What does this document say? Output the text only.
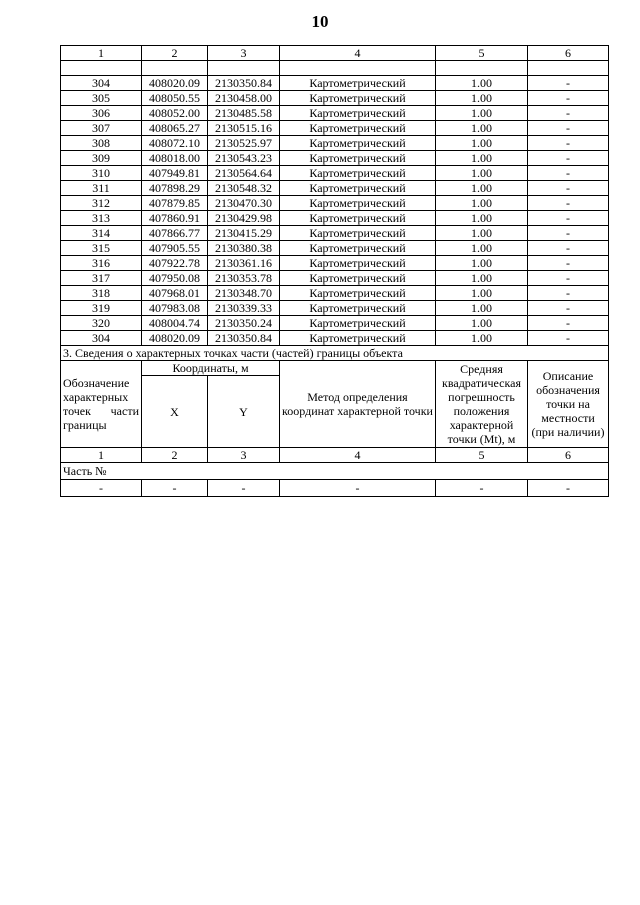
10
1	2	3	4	5	6

304	408020.09	2130350.84	Картометрический	1.00	-
305	408050.55	2130458.00	Картометрический	1.00	-
306	408052.00	2130485.58	Картометрический	1.00	-
307	408065.27	2130515.16	Картометрический	1.00	-
308	408072.10	2130525.97	Картометрический	1.00	-
309	408018.00	2130543.23	Картометрический	1.00	-
310	407949.81	2130564.64	Картометрический	1.00	-
311	407898.29	2130548.32	Картометрический	1.00	-
312	407879.85	2130470.30	Картометрический	1.00	-
313	407860.91	2130429.98	Картометрический	1.00	-
314	407866.77	2130415.29	Картометрический	1.00	-
315	407905.55	2130380.38	Картометрический	1.00	-
316	407922.78	2130361.16	Картометрический	1.00	-
317	407950.08	2130353.78	Картометрический	1.00	-
318	407968.01	2130348.70	Картометрический	1.00	-
319	407983.08	2130339.33	Картометрический	1.00	-
320	408004.74	2130350.24	Картометрический	1.00	-
304	408020.09	2130350.84	Картометрический	1.00	-
3. Сведения о характерных точках части (частей) границы объекта					

Обозначение характерных точек части границы	Координаты, м		Метод определения координат характерной точки	Средняя квадратическая погрешность положения характерной точки (Mt), м	Описание обозначения точки на местности (при наличии)
	X	Y			
1	2	3	4	5	6
Часть №					
-	-	-	-	-	-
